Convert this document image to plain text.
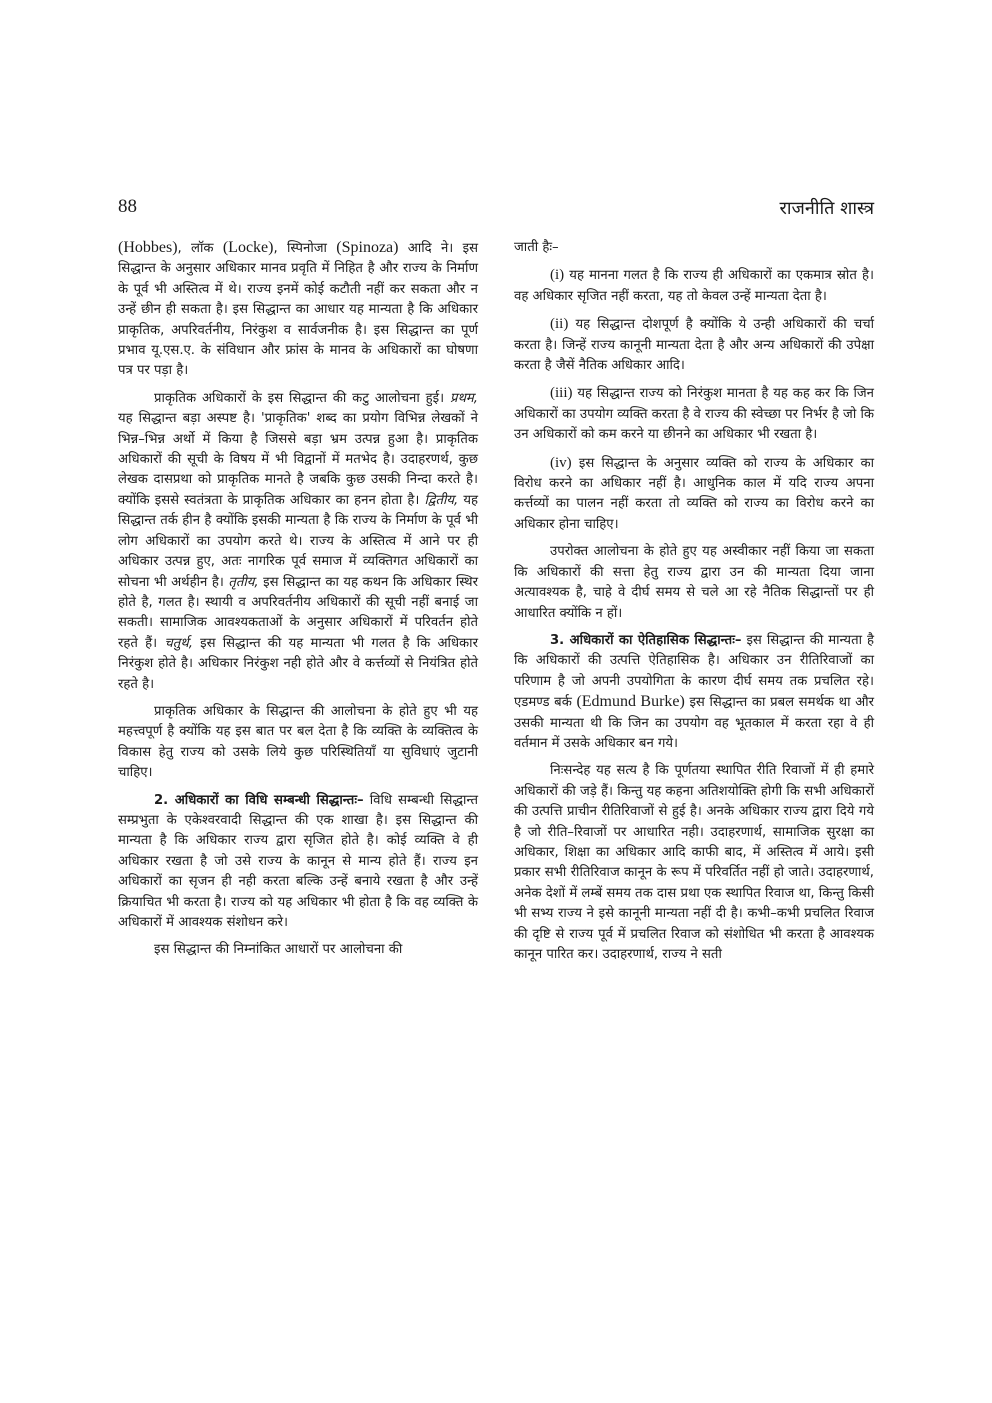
88	राजनीति शास्त्र

(Hobbes), लॉक (Locke), स्पिनोजा (Spinoza) आदि ने। इस सिद्धान्त के अनुसार अधिकार मानव प्रवृति में निहित है और राज्य के निर्माण के पूर्व भी अस्तित्व में थे। राज्य इनमें कोई कटौती नहीं कर सकता और न उन्हें छीन ही सकता है। इस सिद्धान्त का आधार यह मान्यता है कि अधिकार प्राकृतिक, अपरिवर्तनीय, निरंकुश व सार्वजनीक है। इस सिद्धान्त का पूर्ण प्रभाव यू.एस.ए. के संविधान और फ्रांस के मानव के अधिकारों का घोषणा पत्र पर पड़ा है।

प्राकृतिक अधिकारों के इस सिद्धान्त की कटु आलोचना हुई। प्रथम, यह सिद्धान्त बड़ा अस्पष्ट है। 'प्राकृतिक' शब्द का प्रयोग विभिन्न लेखकों ने भिन्न–भिन्न अर्थो में किया है जिससे बड़ा भ्रम उत्पन्न हुआ है। प्राकृतिक अधिकारों की सूची के विषय में भी विद्वानों में मतभेद है। उदाहरणर्थ, कुछ लेखक दासप्रथा को प्राकृतिक मानते है जबकि कुछ उसकी निन्दा करते है। क्योंकि इससे स्वतंत्रता के प्राकृतिक अधिकार का हनन होता है। द्वितीय, यह सिद्धान्त तर्क हीन है क्योंकि इसकी मान्यता है कि राज्य के निर्माण के पूर्व भी लोग अधिकारों का उपयोग करते थे। राज्य के अस्तित्व में आने पर ही अधिकार उत्पन्न हुए, अतः नागरिक पूर्व समाज में व्यक्तिगत अधिकारों का सोचना भी अर्थहीन है। तृतीय, इस सिद्धान्त का यह कथन कि अधिकार स्थिर होते है, गलत है। स्थायी व अपरिवर्तनीय अधिकारों की सूची नहीं बनाई जा सकती। सामाजिक आवश्यकताओं के अनुसार अधिकारों में परिवर्तन होते रहते हैं। चतुर्थ, इस सिद्धान्त की यह मान्यता भी गलत है कि अधिकार निरंकुश होते है। अधिकार निरंकुश नही होते और वे कर्त्तव्यों से नियंत्रित होते रहते है।

प्राकृतिक अधिकार के सिद्धान्त की आलोचना के होते हुए भी यह महत्त्वपूर्ण है क्योंकि यह इस बात पर बल देता है कि व्यक्ति के व्यक्तित्व के विकास हेतु राज्य को उसके लिये कुछ परिस्थितियाँ या सुविधाएं जुटानी चाहिए।

2. अधिकारों का विधि सम्बन्धी सिद्धान्तः– विधि सम्बन्धी सिद्धान्त सम्प्रभुता के एकेश्वरवादी सिद्धान्त की एक शाखा है। इस सिद्धान्त की मान्यता है कि अधिकार राज्य द्वारा सृजित होते है। कोई व्यक्ति वे ही अधिकार रखता है जो उसे राज्य के कानून से मान्य होते हैं। राज्य इन अधिकारों का सृजन ही नही करता बल्कि उन्हें बनाये रखता है और उन्हें क्रियाचित भी करता है। राज्य को यह अधिकार भी होता है कि वह व्यक्ति के अधिकारों में आवश्यक संशोधन करे।

इस सिद्धान्त की निम्नांकित आधारों पर आलोचना की

जाती हैः–

(i) यह मानना गलत है कि राज्य ही अधिकारों का एकमात्र स्रोत है। वह अधिकार सृजित नहीं करता, यह तो केवल उन्हें मान्यता देता है।

(ii) यह सिद्धान्त दोशपूर्ण है क्योंकि ये उन्ही अधिकारों की चर्चा करता है। जिन्हें राज्य कानूनी मान्यता देता है और अन्य अधिकारों की उपेक्षा करता है जैसें नैतिक अधिकार आदि।

(iii) यह सिद्धान्त राज्य को निरंकुश मानता है यह कह कर कि जिन अधिकारों का उपयोग व्यक्ति करता है वे राज्य की स्वेच्छा पर निर्भर है जो कि उन अधिकारों को कम करने या छीनने का अधिकार भी रखता है।

(iv) इस सिद्धान्त के अनुसार व्यक्ति को राज्य के अधिकार का विरोध करने का अधिकार नहीं है। आधुनिक काल में यदि राज्य अपना कर्त्तव्यों का पालन नहीं करता तो व्यक्ति को राज्य का विरोध करने का अधिकार होना चाहिए।

उपरोक्त आलोचना के होते हुए यह अस्वीकार नहीं किया जा सकता कि अधिकारों की सत्ता हेतु राज्य द्वारा उन की मान्यता दिया जाना अत्यावश्यक है, चाहे वे दीर्घ समय से चले आ रहे नैतिक सिद्धान्तों पर ही आधारित क्योंकि न हों।

3. अधिकारों का ऐतिहासिक सिद्धान्तः– इस सिद्धान्त की मान्यता है कि अधिकारों की उत्पत्ति ऐतिहासिक है। अधिकार उन रीतिरिवाजों का परिणाम है जो अपनी उपयोगिता के कारण दीर्घ समय तक प्रचलित रहे। एडमण्ड बर्क (Edmund Burke) इस सिद्धान्त का प्रबल समर्थक था और उसकी मान्यता थी कि जिन का उपयोग वह भूतकाल में करता रहा वे ही वर्तमान में उसके अधिकार बन गये।

निःसन्देह यह सत्य है कि पूर्णतया स्थापित रीति रिवाजों में ही हमारे अधिकारों की जड़े हैं। किन्तु यह कहना अतिशयोक्ति होगी कि सभी अधिकारों की उत्पत्ति प्राचीन रीतिरिवाजों से हुई है। अनके अधिकार राज्य द्वारा दिये गये है जो रीति–रिवाजों पर आधारित नही। उदाहरणार्थ, सामाजिक सुरक्षा का अधिकार, शिक्षा का अधिकार आदि काफी बाद, में अस्तित्व में आये। इसी प्रकार सभी रीतिरिवाज कानून के रूप में परिवर्तित नहीं हो जाते। उदाहरणार्थ, अनेक देशों में लम्बें समय तक दास प्रथा एक स्थापित रिवाज था, किन्तु किसी भी सभ्य राज्य ने इसे कानूनी मान्यता नहीं दी है। कभी–कभी प्रचलित रिवाज की दृष्टि से राज्य पूर्व में प्रचलित रिवाज को संशोधित भी करता है आवश्यक कानून पारित कर। उदाहरणार्थ, राज्य ने सती
